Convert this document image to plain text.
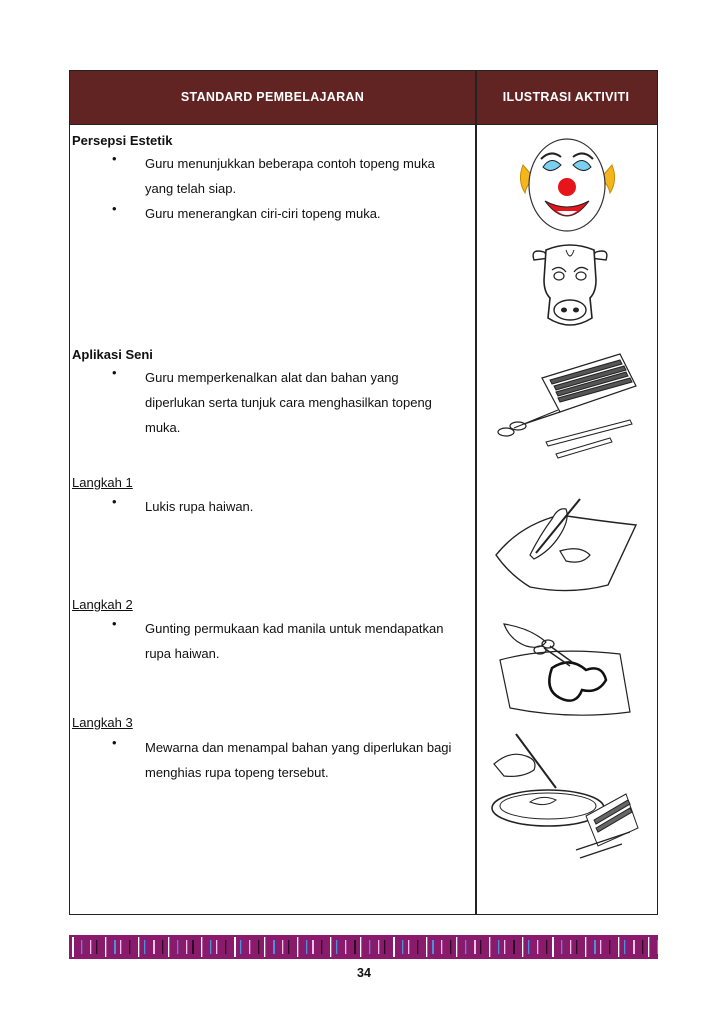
STANDARD PEMBELAJARAN	ILUSTRASI AKTIVITI
Persepsi Estetik
• Guru menunjukkan beberapa contoh topeng muka
yang telah siap.
• Guru menerangkan ciri-ciri topeng muka.
Aplikasi Seni
• Guru memperkenalkan alat dan bahan yang
diperlukan serta tunjuk cara menghasilkan topeng
muka.
Langkah 1
• Lukis rupa haiwan.
Langkah 2
• Gunting permukaan kad manila untuk mendapatkan
rupa haiwan.
Langkah 3
• Mewarna dan menampal bahan yang diperlukan bagi
menghias rupa topeng tersebut.
34
